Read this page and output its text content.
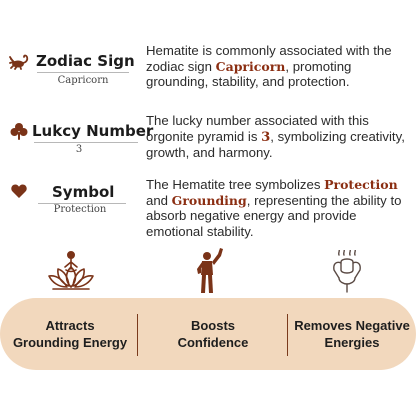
Zodiac Sign
Capricorn
Hematite is commonly associated with the zodiac sign Capricorn, promoting grounding, stability, and protection.
Lukcy Number
3
The lucky number associated with this orgonite pyramid is 3, symbolizing creativity, growth, and harmony.
Symbol
Protection
The Hematite tree symbolizes Protection and Grounding, representing the ability to absorb negative energy and provide emotional stability.
Attracts
Grounding Energy
Boosts
Confidence
Removes Negative
Energies
